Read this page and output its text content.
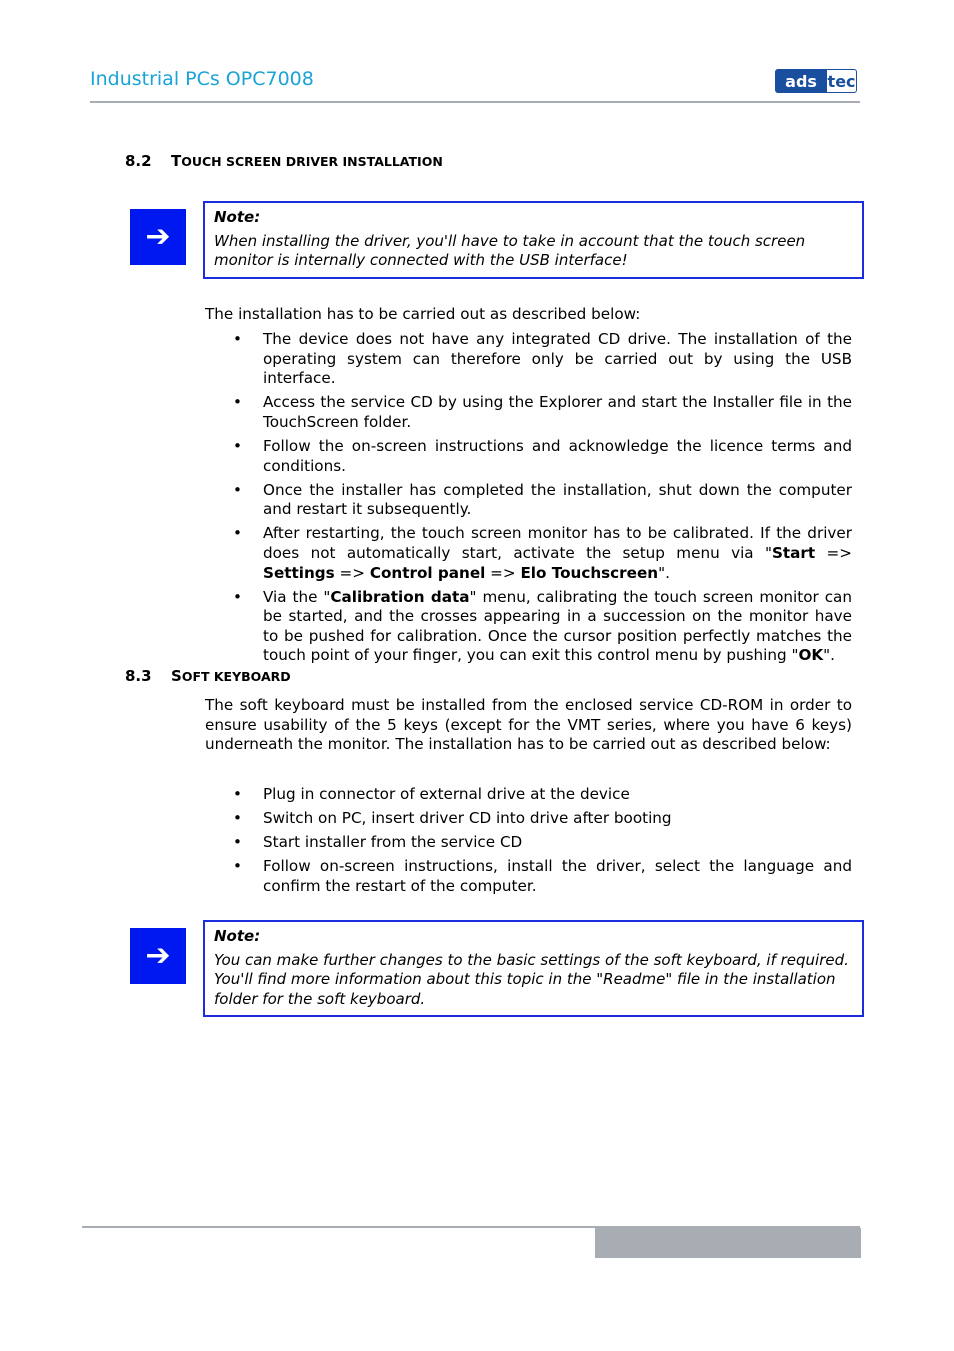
Industrial PCs OPC7008	ads tec
8.2 TOUCH SCREEN DRIVER INSTALLATION
➔
Note:
When installing the driver, you'll have to take in account that the touch screen monitor is internally connected with the USB interface!
The installation has to be carried out as described below:
• The device does not have any integrated CD drive. The installation of the operating system can therefore only be carried out by using the USB interface.
• Access the service CD by using the Explorer and start the Installer file in the TouchScreen folder.
• Follow the on-screen instructions and acknowledge the licence terms and conditions.
• Once the installer has completed the installation, shut down the computer and restart it subsequently.
• After restarting, the touch screen monitor has to be calibrated. If the driver does not automatically start, activate the setup menu via "Start => Settings => Control panel => Elo Touchscreen".
• Via the "Calibration data" menu, calibrating the touch screen monitor can be started, and the crosses appearing in a succession on the monitor have to be pushed for calibration. Once the cursor position perfectly matches the touch point of your finger, you can exit this control menu by pushing "OK".
8.3 SOFT KEYBOARD
The soft keyboard must be installed from the enclosed service CD-ROM in order to ensure usability of the 5 keys (except for the VMT series, where you have 6 keys) underneath the monitor. The installation has to be carried out as described below:
• Plug in connector of external drive at the device
• Switch on PC, insert driver CD into drive after booting
• Start installer from the service CD
• Follow on-screen instructions, install the driver, select the language and confirm the restart of the computer.
➔
Note:
You can make further changes to the basic settings of the soft keyboard, if required. You'll find more information about this topic in the "Readme" file in the installation folder for the soft keyboard.
